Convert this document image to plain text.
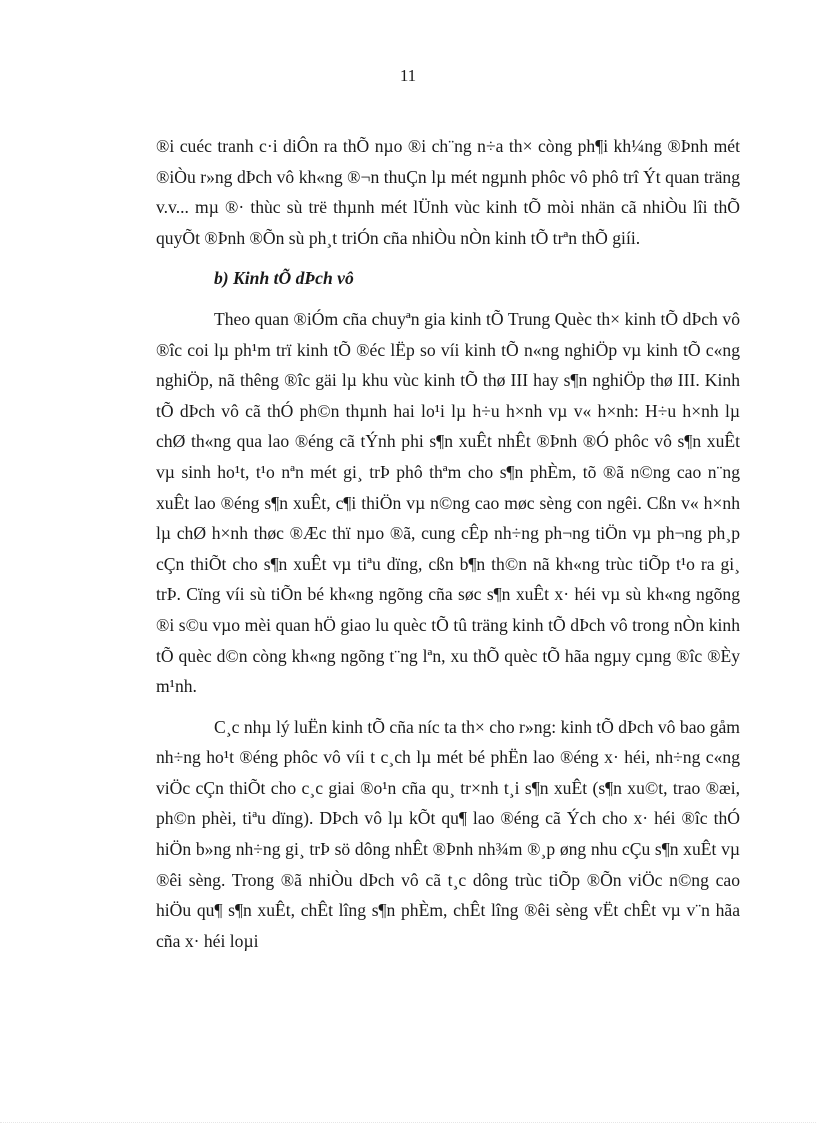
11

®i cuéc tranh c·i diÔn ra thÕ nµo ®i ch¨ng n÷a th× còng ph¶i kh¼ng ®Þnh mét ®iÒu r»ng dÞch vô kh«ng ®¬n thuÇn lµ mét ngµnh phôc vô phô trî Ýt quan träng v.v... mµ ®· thùc sù trë thµnh mét lÜnh vùc kinh tÕ mòi nhän cã nhiÒu lîi thÕ quyÕt ®Þnh ®Õn sù ph¸t triÓn cña nhiÒu nÒn kinh tÕ trªn thÕ giíi.

b) Kinh tÕ dÞch vô

Theo quan ®iÓm cña chuyªn gia kinh tÕ Trung Quèc th× kinh tÕ dÞch vô ®îc coi lµ ph¹m trï kinh tÕ ®éc lËp so víi kinh tÕ n«ng nghiÖp vµ kinh tÕ c«ng nghiÖp, nã thêng ®îc gäi lµ khu vùc kinh tÕ thø III hay s¶n nghiÖp thø III. Kinh tÕ dÞch vô cã thÓ ph©n thµnh hai lo¹i lµ h÷u h×nh vµ v« h×nh: H÷u h×nh lµ chØ th«ng qua lao ®éng cã tÝnh phi s¶n xuÊt nhÊt ®Þnh ®Ó phôc vô s¶n xuÊt vµ sinh ho¹t, t¹o nªn mét gi¸ trÞ phô thªm cho s¶n phÈm, tõ ®ã n©ng cao n¨ng xuÊt lao ®éng s¶n xuÊt, c¶i thiÖn vµ n©ng cao møc sèng con ngêi. Cßn v« h×nh lµ chØ h×nh thøc ®Æc thï nµo ®ã, cung cÊp nh÷ng ph¬ng tiÖn vµ ph¬ng ph¸p cÇn thiÕt cho s¶n xuÊt vµ tiªu dïng, cßn b¶n th©n nã kh«ng trùc tiÕp t¹o ra gi¸ trÞ. Cïng víi sù tiÕn bé kh«ng ngõng cña søc s¶n xuÊt x· héi vµ sù kh«ng ngõng ®i s©u vµo mèi quan hÖ giao lu quèc tÕ tû träng kinh tÕ dÞch vô trong nÒn kinh tÕ quèc d©n còng kh«ng ngõng t¨ng lªn, xu thÕ quèc tÕ hãa ngµy cµng ®îc ®Èy m¹nh.

C¸c nhµ lý luËn kinh tÕ cña níc ta th× cho r»ng: kinh tÕ dÞch vô bao gåm nh÷ng ho¹t ®éng phôc vô víi t c¸ch lµ mét bé phËn lao ®éng x· héi, nh÷ng c«ng viÖc cÇn thiÕt cho c¸c giai ®o¹n cña qu¸ tr×nh t¸i s¶n xuÊt (s¶n xu©t, trao ®æi, ph©n phèi, tiªu dïng). DÞch vô lµ kÕt qu¶ lao ®éng cã Ých cho x· héi ®îc thÓ hiÖn b»ng nh÷ng gi¸ trÞ sö dông nhÊt ®Þnh nh¾m ®¸p øng nhu cÇu s¶n xuÊt vµ ®êi sèng. Trong ®ã nhiÒu dÞch vô cã t¸c dông trùc tiÕp ®Õn viÖc n©ng cao hiÖu qu¶ s¶n xuÊt, chÊt lîng s¶n phÈm, chÊt lîng ®êi sèng vËt chÊt vµ v¨n hãa cña x· héi loµi
